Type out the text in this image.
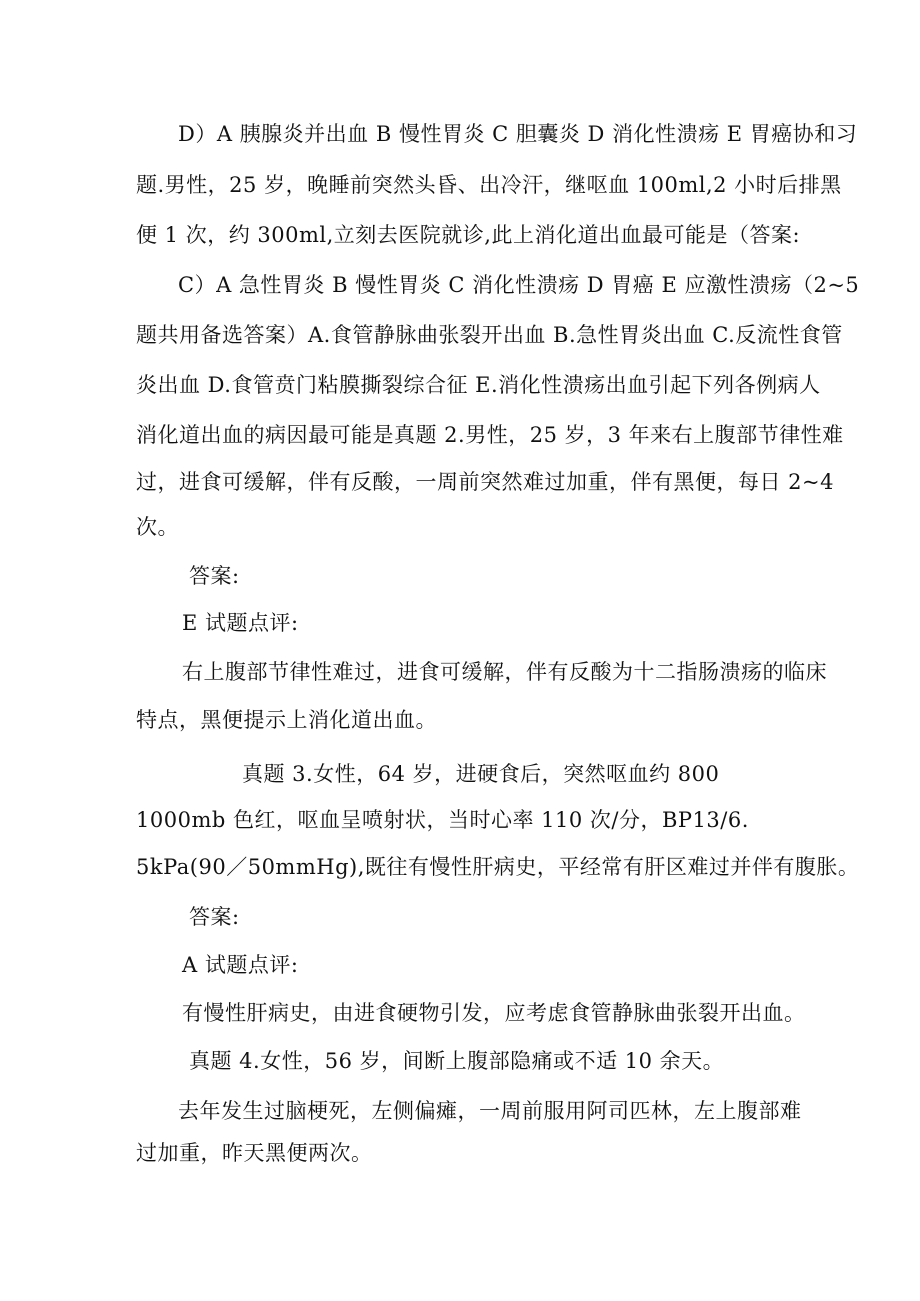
D）A 胰腺炎并出血 B 慢性胃炎 C 胆囊炎 D 消化性溃疡 E 胃癌协和习
题.男性，25 岁，晚睡前突然头昏、出冷汗，继呕血 100ml,2 小时后排黑
便 1 次，约 300ml,立刻去医院就诊,此上消化道出血最可能是（答案:
C）A 急性胃炎 B 慢性胃炎 C 消化性溃疡 D 胃癌 E 应激性溃疡（2~5
题共用备选答案）A.食管静脉曲张裂开出血 B.急性胃炎出血 C.反流性食管
炎出血 D.食管贲门粘膜撕裂综合征 E.消化性溃疡出血引起下列各例病人
消化道出血的病因最可能是真题 2.男性，25 岁，3 年来右上腹部节律性难
过，进食可缓解，伴有反酸，一周前突然难过加重，伴有黑便，每日 2~4
次。
答案:
E 试题点评:
右上腹部节律性难过，进食可缓解，伴有反酸为十二指肠溃疡的临床
特点，黑便提示上消化道出血。
真题 3.女性，64 岁，进硬食后，突然呕血约 800
1000mb 色红，呕血呈喷射状，当时心率 110 次/分，BP13/6.
5kPa(90／50mmHg),既往有慢性肝病史，平经常有肝区难过并伴有腹胀。
答案:
A 试题点评:
有慢性肝病史，由进食硬物引发，应考虑食管静脉曲张裂开出血。
真题 4.女性，56 岁，间断上腹部隐痛或不适 10 余天。
去年发生过脑梗死，左侧偏瘫，一周前服用阿司匹林，左上腹部难
过加重，昨天黑便两次。
